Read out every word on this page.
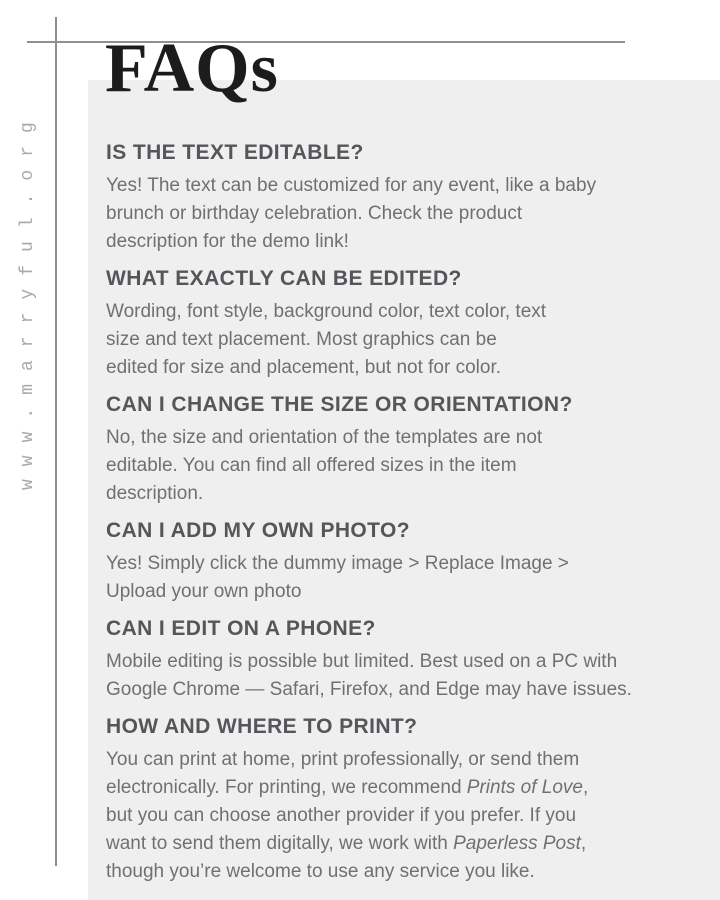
www.marryful.org
FAQs
IS THE TEXT EDITABLE?
Yes! The text can be customized for any event, like a baby
brunch or birthday celebration. Check the product
description for the demo link!
WHAT EXACTLY CAN BE EDITED?
Wording, font style, background color, text color, text
size and text placement. Most graphics can be
edited for size and placement, but not for color.
CAN I CHANGE THE SIZE OR ORIENTATION?
No, the size and orientation of the templates are not
editable. You can find all offered sizes in the item
description.
CAN I ADD MY OWN PHOTO?
Yes! Simply click the dummy image > Replace Image >
Upload your own photo
CAN I EDIT ON A PHONE?
Mobile editing is possible but limited. Best used on a PC with
Google Chrome — Safari, Firefox, and Edge may have issues.
HOW AND WHERE TO PRINT?
You can print at home, print professionally, or send them
electronically. For printing, we recommend Prints of Love,
but you can choose another provider if you prefer. If you
want to send them digitally, we work with Paperless Post,
though you’re welcome to use any service you like.
